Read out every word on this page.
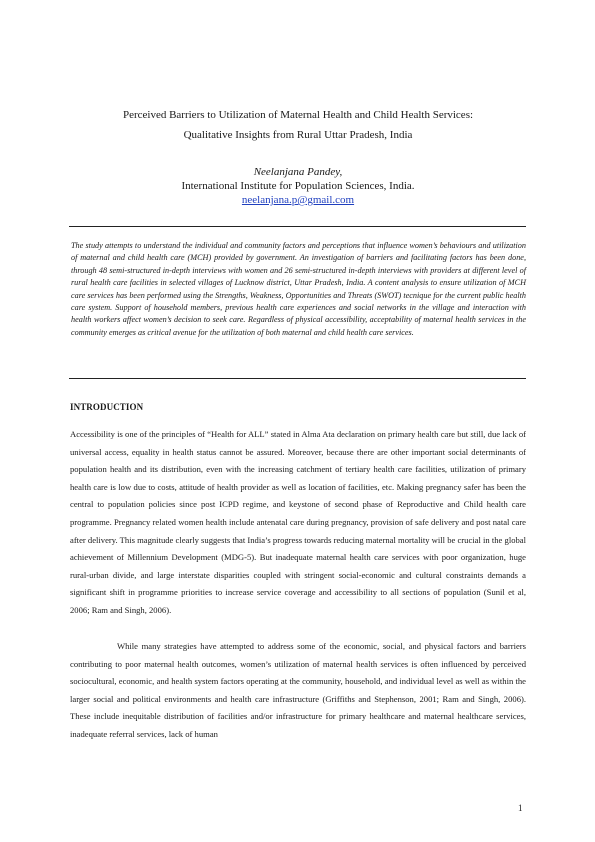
Perceived Barriers to Utilization of Maternal Health and Child Health Services:
Qualitative Insights from Rural Uttar Pradesh, India
Neelanjana Pandey,
International Institute for Population Sciences, India.
neelanjana.p@gmail.com
The study attempts to understand the individual and community factors and perceptions that influence women’s behaviours and utilization of maternal and child health care (MCH) provided by government. An investigation of barriers and facilitating factors has been done, through 48 semi-structured in-depth interviews with women and 26 semi-structured in-depth interviews with providers at different level of rural health care facilities in selected villages of Lucknow district, Uttar Pradesh, India. A content analysis to ensure utilization of MCH care services has been performed using the Strengths, Weakness, Opportunities and Threats (SWOT) tecnique for the current public health care system. Support of household members, previous health care experiences and social networks in the village and interaction with health workers affect women’s decision to seek care. Regardless of physical accessibility, acceptability of maternal health services in the community emerges as critical avenue for the utilization of both maternal and child health care services.
INTRODUCTION

Accessibility is one of the principles of “Health for ALL” stated in Alma Ata declaration on primary health care but still, due lack of universal access, equality in health status cannot be assured. Moreover, because there are other important social determinants of population health and its distribution, even with the increasing catchment of tertiary health care facilities, utilization of primary health care is low due to costs, attitude of health provider as well as location of facilities, etc. Making pregnancy safer has been the central to population policies since post ICPD regime, and keystone of second phase of Reproductive and Child health care programme. Pregnancy related women health include antenatal care during pregnancy, provision of safe delivery and post natal care after delivery. This magnitude clearly suggests that India’s progress towards reducing maternal mortality will be crucial in the global achievement of Millennium Development (MDG-5). But inadequate maternal health care services with poor organization, huge rural-urban divide, and large interstate disparities coupled with stringent social-economic and cultural constraints demands a significant shift in programme priorities to increase service coverage and accessibility to all sections of population (Sunil et al, 2006; Ram and Singh, 2006).

While many strategies have attempted to address some of the economic, social, and physical factors and barriers contributing to poor maternal health outcomes, women’s utilization of maternal health services is often influenced by perceived sociocultural, economic, and health system factors operating at the community, household, and individual level as well as within the larger social and political environments and health care infrastructure (Griffiths and Stephenson, 2001; Ram and Singh, 2006). These include inequitable distribution of facilities and/or infrastructure for primary healthcare and maternal healthcare services, inadequate referral services, lack of human

1
